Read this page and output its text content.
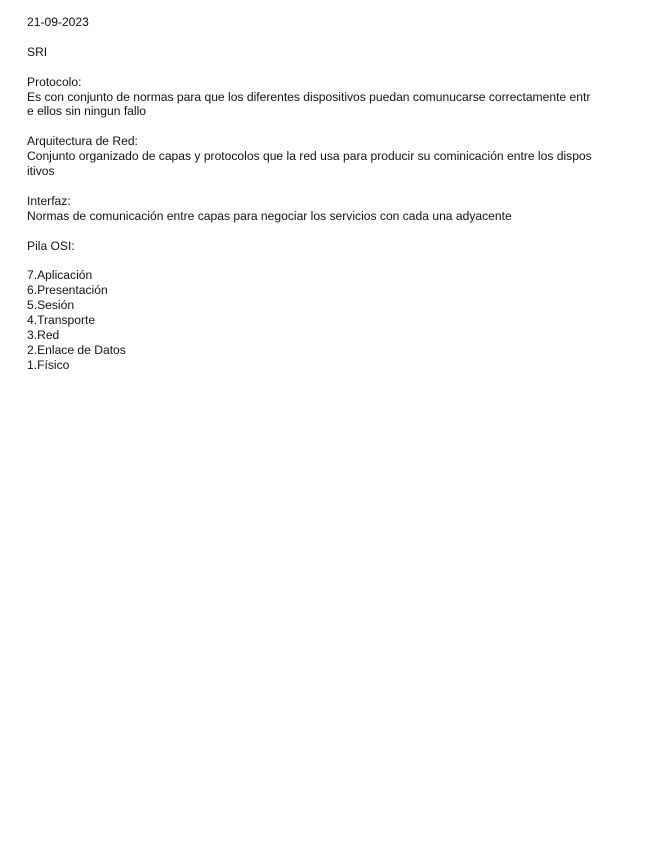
21-09-2023
SRI
Protocolo:
Es con conjunto de normas para que los diferentes dispositivos puedan comunucarse correctamente entr
e ellos sin ningun fallo
Arquitectura de Red:
Conjunto organizado de capas y protocolos que la red usa para producir su cominicación entre los dispos
itivos
Interfaz:
Normas de comunicación entre capas para negociar los servicios con cada una adyacente
Pila OSI:
7.Aplicación
6.Presentación
5.Sesión
4.Transporte
3.Red
2.Enlace de Datos
1.Físico
